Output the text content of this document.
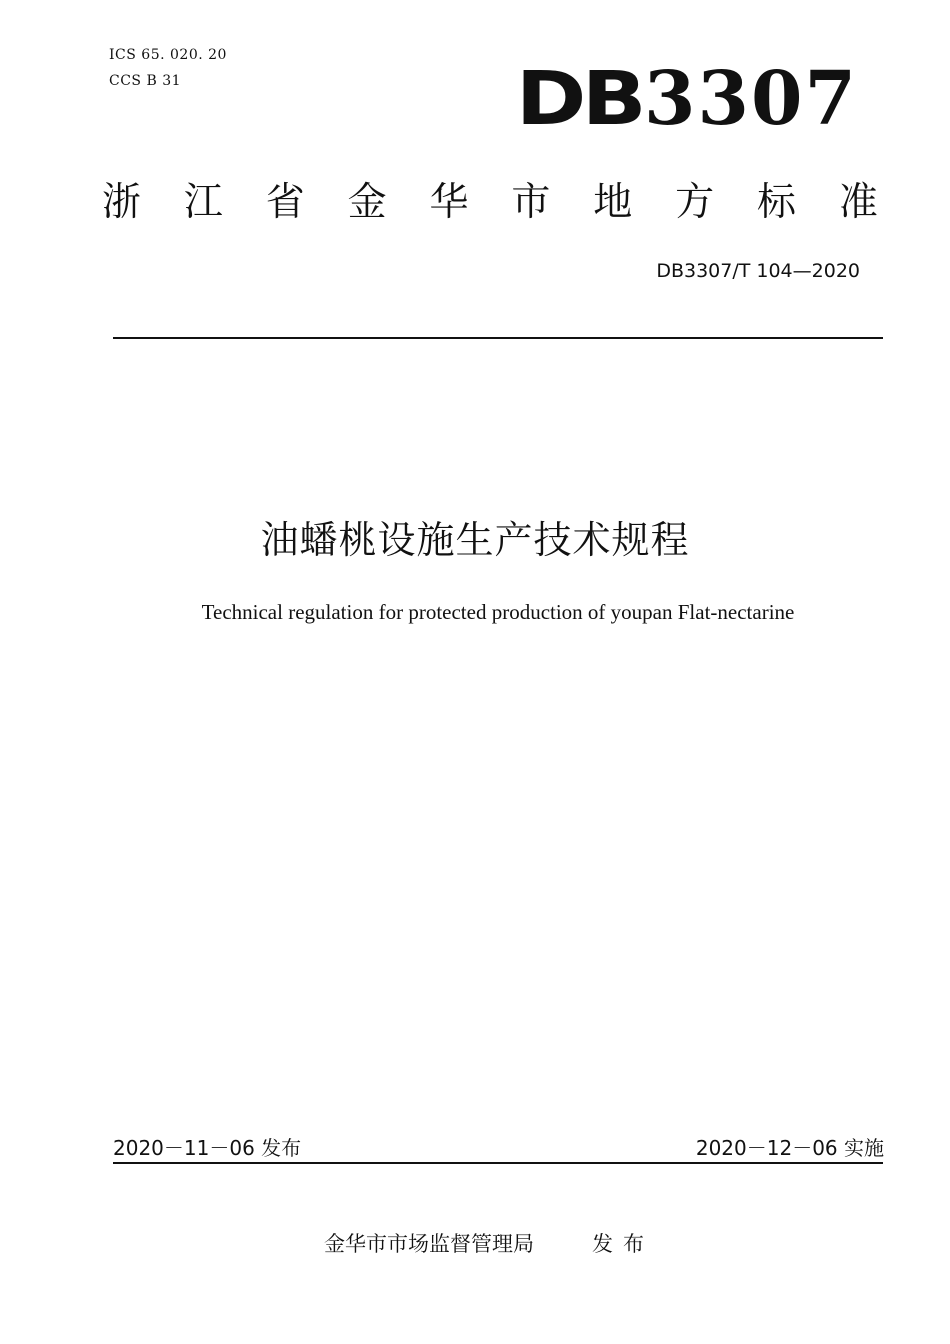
ICS 65. 020. 20
CCS B 31	DB3307
浙 江 省 金 华 市 地 方 标 准
DB3307/T 104—2020
油蟠桃设施生产技术规程
Technical regulation for protected production of youpan Flat-nectarine
2020－11－06 发布	2020－12－06 实施
金华市市场监督管理局	发布
